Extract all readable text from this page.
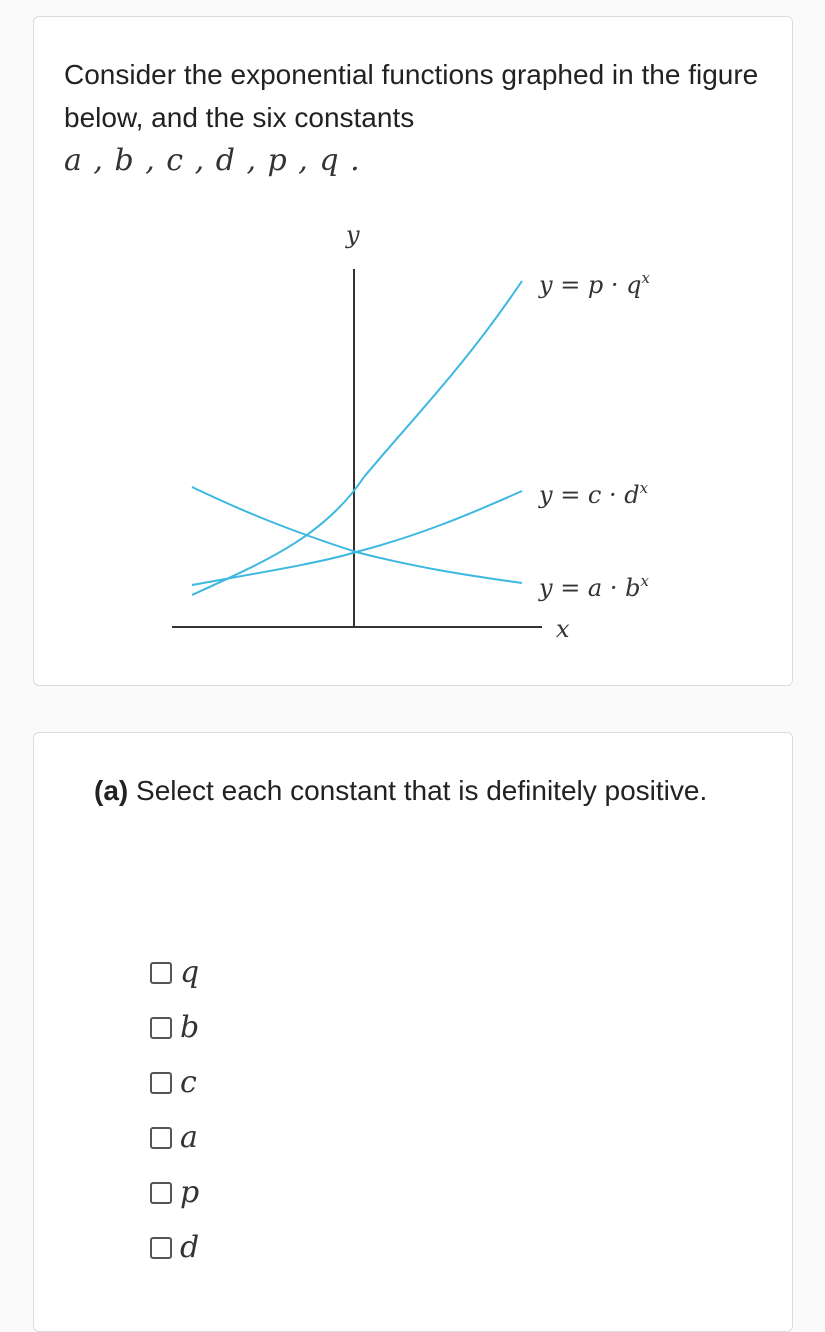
Consider the exponential functions graphed in the figure below, and the six constants
a , b , c , d , p , q .
y
x
$y = p \cdot q^x$
$y = c \cdot d^x$
$y = a \cdot b^x$
(a) Select each constant that is definitely positive.
q
b
c
a
p
d
